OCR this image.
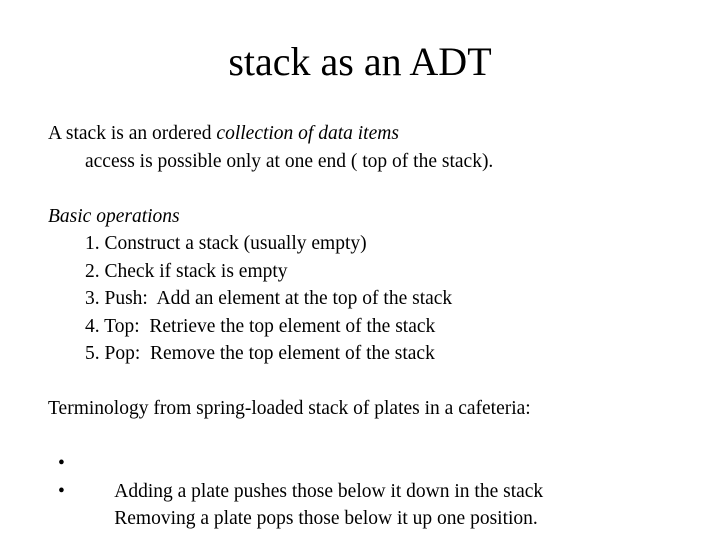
stack as an ADT
A stack is an ordered collection of data items
access is possible only at one end ( top of the stack).
Basic operations
1. Construct a stack (usually empty)
2. Check if stack is empty
3. Push:  Add an element at the top of the stack
4. Top:  Retrieve the top element of the stack
5. Pop:  Remove the top element of the stack
Terminology from spring-loaded stack of plates in a cafeteria:

•
Adding a plate pushes those below it down in the stack

•
Removing a plate pops those below it up one position.
